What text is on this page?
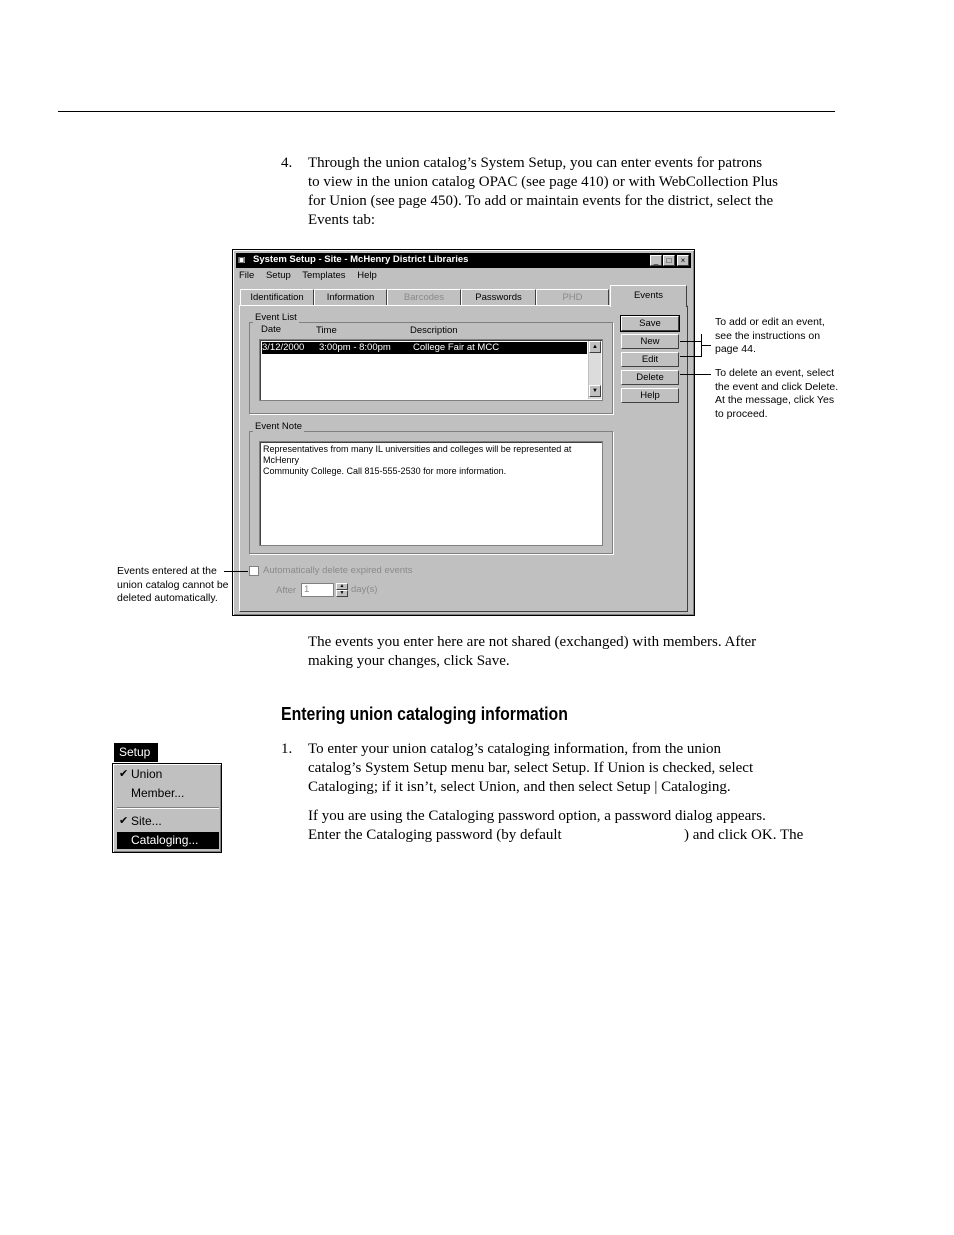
4. Through the union catalog’s System Setup, you can enter events for patrons
to view in the union catalog OPAC (see page 410) or with WebCollection Plus
for Union (see page 450). To add or maintain events for the district, select the
Events tab:
▣ System Setup - Site - McHenry District Libraries	_	□	×
File Setup Templates Help
Identification	Information	Barcodes	Passwords	PHD	Events
Event List
Date	Time	Description
3/12/2000 3:00pm - 8:00pm College Fair at MCC	▲
▼
Save
New
Edit
Delete
Help
Event Note
Representatives from many IL universities and colleges will be represented at McHenry
Community College. Call 815-555-2530 for more information.
Automatically delete expired events
After 1	▲
▼ day(s)
To add or edit an event,
see the instructions on
page 44.
To delete an event, select
the event and click Delete.
At the message, click Yes
to proceed.
Events entered at the
union catalog cannot be
deleted automatically.
The events you enter here are not shared (exchanged) with members. After
making your changes, click Save.
Entering union cataloging information
Setup
✔ Union
Member...
✔ Site...
Cataloging...
1. To enter your union catalog’s cataloging information, from the union
catalog’s System Setup menu bar, select Setup. If Union is checked, select
Cataloging; if it isn’t, select Union, and then select Setup | Cataloging.
If you are using the Cataloging password option, a password dialog appears.
Enter the Cataloging password (by default	) and click OK. The
